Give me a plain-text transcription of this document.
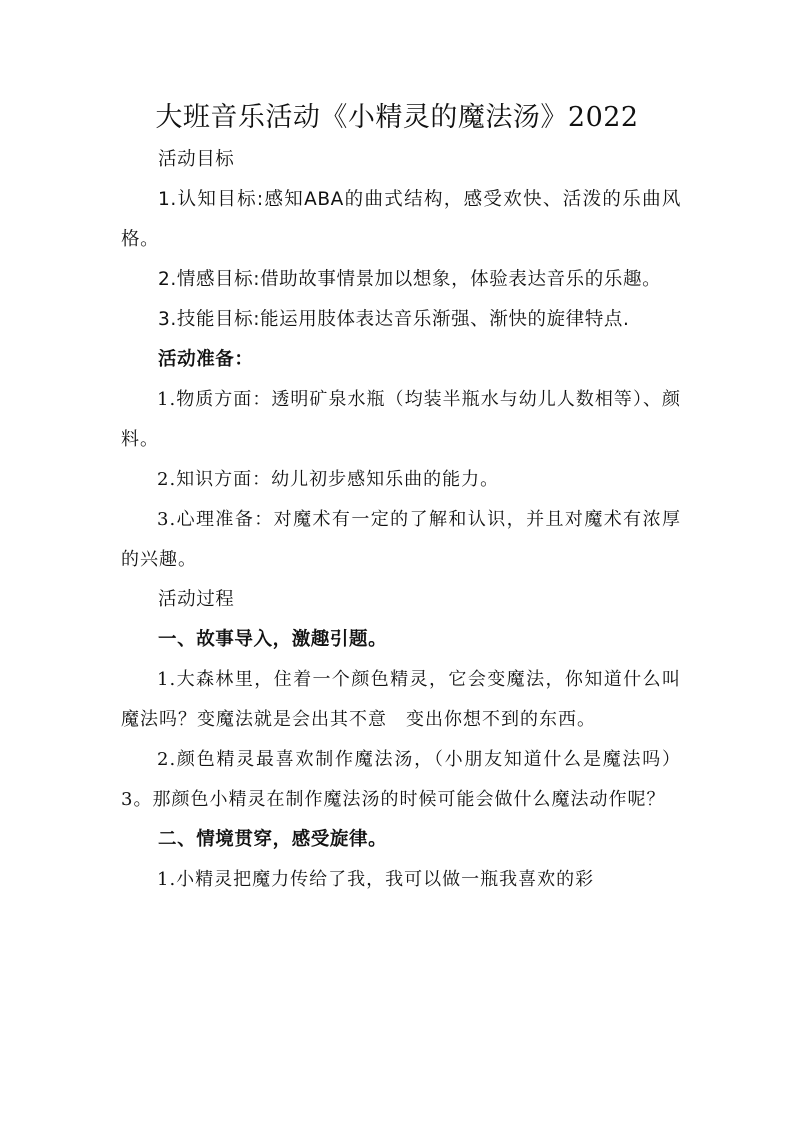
大班音乐活动《小精灵的魔法汤》2022

活动目标

1.认知目标:感知ABA的曲式结构，感受欢快、活泼的乐曲风格。

2.情感目标:借助故事情景加以想象，体验表达音乐的乐趣。

3.技能目标:能运用肢体表达音乐渐强、渐快的旋律特点.

活动准备：

1.物质方面：透明矿泉水瓶（均装半瓶水与幼儿人数相等）、颜料。

2.知识方面：幼儿初步感知乐曲的能力。

3.心理准备：对魔术有一定的了解和认识，并且对魔术有浓厚的兴趣。

活动过程

一、故事导入，激趣引题。

1.大森林里，住着一个颜色精灵，它会变魔法，你知道什么叫魔法吗？变魔法就是会出其不意　变出你想不到的东西。

2.颜色精灵最喜欢制作魔法汤，（小朋友知道什么是魔法吗）3。那颜色小精灵在制作魔法汤的时候可能会做什么魔法动作呢？

二、情境贯穿，感受旋律。

1.小精灵把魔力传给了我，我可以做一瓶我喜欢的彩
